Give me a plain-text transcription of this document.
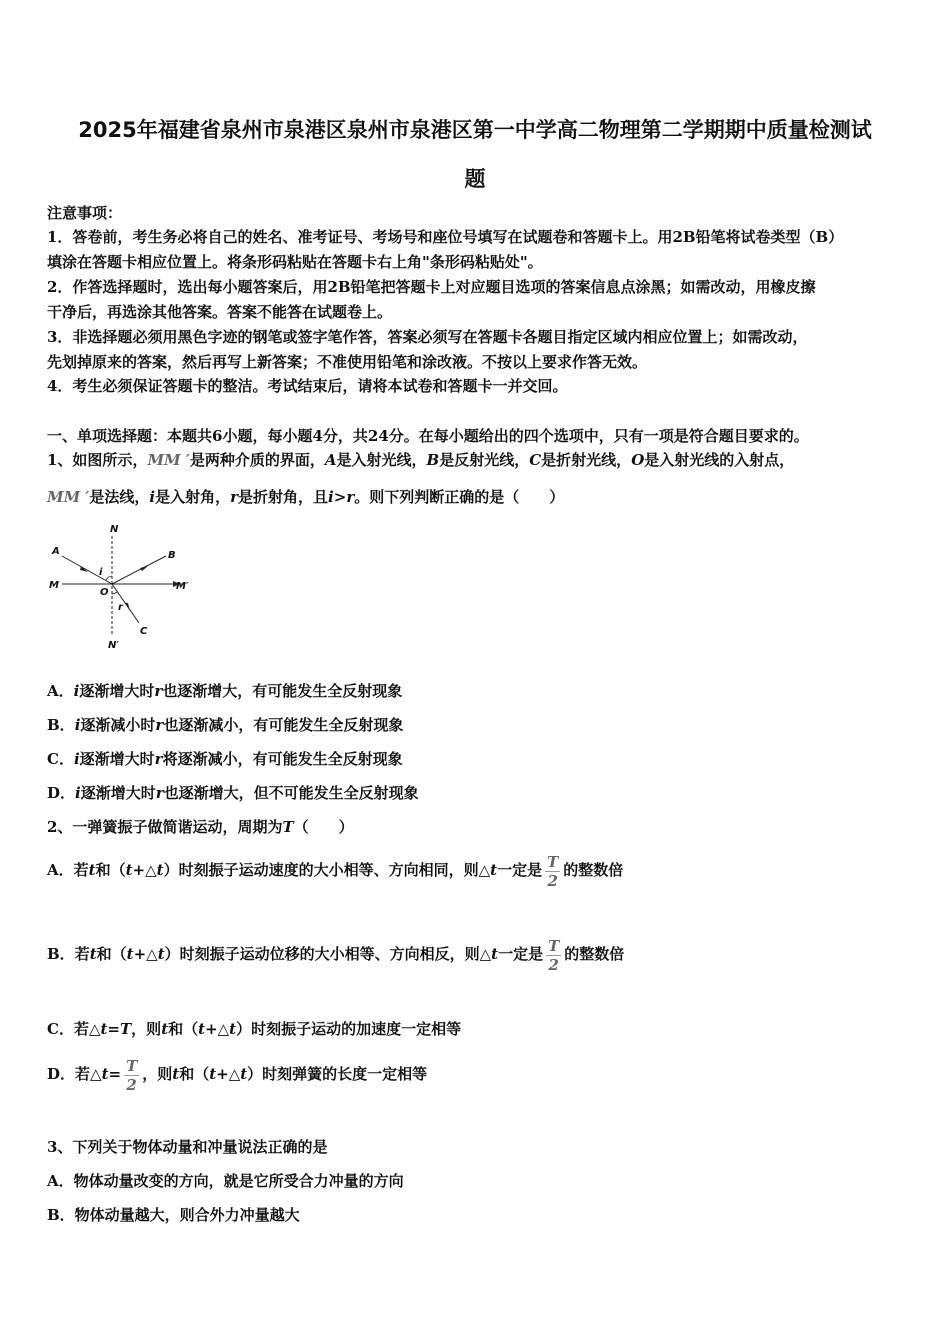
2025年福建省泉州市泉港区泉州市泉港区第一中学高二物理第二学期期中质量检测试
题
注意事项：
1．答卷前，考生务必将自己的姓名、准考证号、考场号和座位号填写在试题卷和答题卡上。用2B铅笔将试卷类型（B）
填涂在答题卡相应位置上。将条形码粘贴在答题卡右上角"条形码粘贴处"。
2．作答选择题时，选出每小题答案后，用2B铅笔把答题卡上对应题目选项的答案信息点涂黑；如需改动，用橡皮擦
干净后，再选涂其他答案。答案不能答在试题卷上。
3．非选择题必须用黑色字迹的钢笔或签字笔作答，答案必须写在答题卡各题目指定区域内相应位置上；如需改动，
先划掉原来的答案，然后再写上新答案；不准使用铅笔和涂改液。不按以上要求作答无效。
4．考生必须保证答题卡的整洁。考试结束后，请将本试卷和答题卡一并交回。
一、单项选择题：本题共6小题，每小题4分，共24分。在每小题给出的四个选项中，只有一项是符合题目要求的。
1、如图所示，MM ′是两种介质的界面，A是入射光线，B是反射光线，C是折射光线，O是入射光线的入射点，
MM ′是法线，i是入射角，r是折射角，且i>r。则下列判断正确的是（　　）
N
N′
M	M′
A	B
C
O
i
r
A．i逐渐增大时r也逐渐增大，有可能发生全反射现象
B．i逐渐减小时r也逐渐减小，有可能发生全反射现象
C．i逐渐增大时r将逐渐减小，有可能发生全反射现象
D．i逐渐增大时r也逐渐增大，但不可能发生全反射现象
2、一弹簧振子做简谐运动，周期为T（　　）
A．若t和（t+△t）时刻振子运动速度的大小相等、方向相同，则△t一定是 $\frac{T}{2}$ 的整数倍
B．若t和（t+△t）时刻振子运动位移的大小相等、方向相反，则△t一定是 $\frac{T}{2}$ 的整数倍
C．若△t=T，则t和（t+△t）时刻振子运动的加速度一定相等
D．若△t= $\frac{T}{2}$ ，则t和（t+△t）时刻弹簧的长度一定相等
3、下列关于物体动量和冲量说法正确的是
A．物体动量改变的方向，就是它所受合力冲量的方向
B．物体动量越大，则合外力冲量越大
